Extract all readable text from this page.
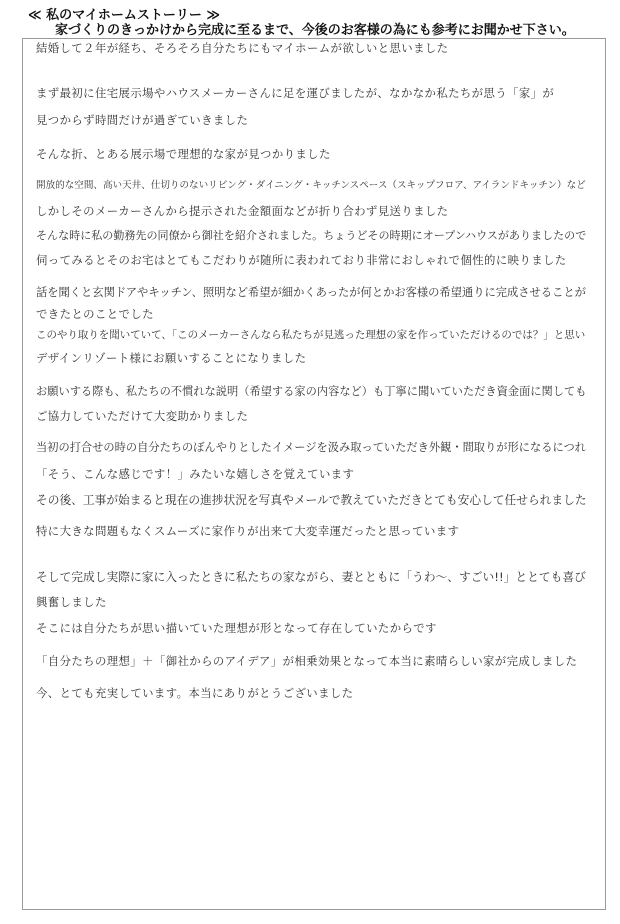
≪ 私のマイホームストーリー ≫
家づくりのきっかけから完成に至るまで、今後のお客様の為にも参考にお聞かせ下さい。
結婚して２年が経ち、そろそろ自分たちにもマイホームが欲しいと思いました
まず最初に住宅展示場やハウスメーカーさんに足を運びましたが、なかなか私たちが思う「家」が
見つからず時間だけが過ぎていきました
そんな折、とある展示場で理想的な家が見つかりました
開放的な空間、高い天井、仕切りのないリビング・ダイニング・キッチンスペース（スキップフロア、アイランドキッチン）など
しかしそのメーカーさんから提示された金額面などが折り合わず見送りました
そんな時に私の勤務先の同僚から御社を紹介されました。ちょうどその時期にオープンハウスがありましたので
伺ってみるとそのお宅はとてもこだわりが随所に表われており非常におしゃれで個性的に映りました
話を聞くと玄関ドアやキッチン、照明など希望が細かくあったが何とかお客様の希望通りに完成させることが
できたとのことでした
このやり取りを聞いていて、「このメーカーさんなら私たちが見逃った理想の家を作っていただけるのでは？」と思い
デザインリゾート様にお願いすることになりました
お願いする際も、私たちの不慣れな説明（希望する家の内容など）も丁寧に聞いていただき資金面に関しても
ご協力していただけて大変助かりました
当初の打合せの時の自分たちのぼんやりとしたイメージを汲み取っていただき外観・間取りが形になるにつれ
「そう、こんな感じです！」みたいな嬉しさを覚えています
その後、工事が始まると現在の進捗状況を写真やメールで教えていただきとても安心して任せられました
特に大きな問題もなくスムーズに家作りが出来て大変幸運だったと思っています
そして完成し実際に家に入ったときに私たちの家ながら、妻とともに「うわ～、すごい!!」ととても喜び
興奮しました
そこには自分たちが思い描いていた理想が形となって存在していたからです
「自分たちの理想」＋「御社からのアイデア」が相乗効果となって本当に素晴らしい家が完成しました
今、とても充実しています。本当にありがとうございました
